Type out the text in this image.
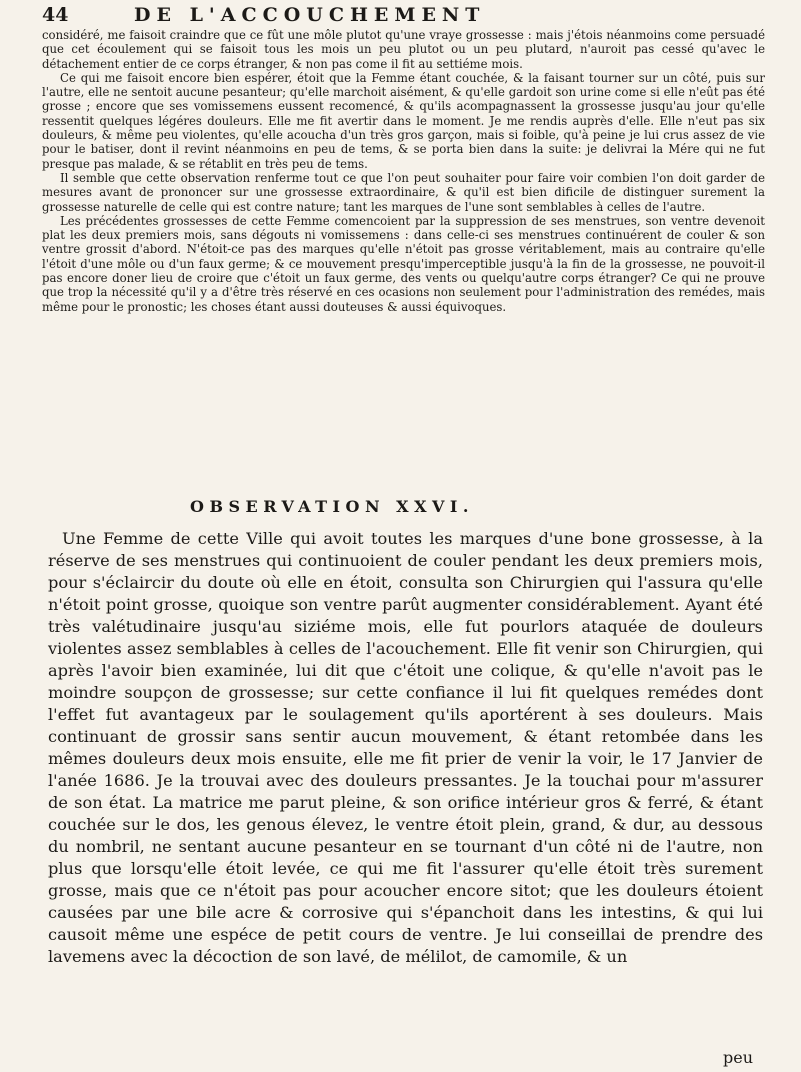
44	DE L'ACCOUCHEMENT

considéré, me faisoit craindre que ce fût une môle plutot qu'une vraye grossesse : mais j'étois néanmoins come persuadé que cet écoulement qui se faisoit tous les mois un peu plutot ou un peu plutard, n'auroit pas cessé qu'avec le détachement entier de ce corps étranger, & non pas come il fit au settiéme mois.

Ce qui me faisoit encore bien espérer, étoit que la Femme étant couchée, & la faisant tourner sur un côté, puis sur l'autre, elle ne sentoit aucune pesanteur; qu'elle marchoit aisément, & qu'elle gardoit son urine come si elle n'eût pas été grosse ; encore que ses vomissemens eussent recomencé, & qu'ils acompagnassent la grossesse jusqu'au jour qu'elle ressentit quelques légéres douleurs. Elle me fit avertir dans le moment. Je me rendis auprès d'elle. Elle n'eut pas six douleurs, & même peu violentes, qu'elle acoucha d'un très gros garçon, mais si foible, qu'à peine je lui crus assez de vie pour le batiser, dont il revint néanmoins en peu de tems, & se porta bien dans la suite: je delivrai la Mére qui ne fut presque pas malade, & se rétablit en très peu de tems.

Il semble que cette observation renferme tout ce que l'on peut souhaiter pour faire voir combien l'on doit garder de mesures avant de prononcer sur une grossesse extraordinaire, & qu'il est bien dificile de distinguer surement la grossesse naturelle de celle qui est contre nature; tant les marques de l'une sont semblables à celles de l'autre.

Les précédentes grossesses de cette Femme comencoient par la suppression de ses menstrues, son ventre devenoit plat les deux premiers mois, sans dégouts ni vomissemens : dans celle-ci ses menstrues continuérent de couler & son ventre grossit d'abord. N'étoit-ce pas des marques qu'elle n'étoit pas grosse véritablement, mais au contraire qu'elle l'étoit d'une môle ou d'un faux germe; & ce mouvement presqu'imperceptible jusqu'à la fin de la grossesse, ne pouvoit-il pas encore doner lieu de croire que c'étoit un faux germe, des vents ou quelqu'autre corps étranger? Ce qui ne prouve que trop la nécessité qu'il y a d'être très réservé en ces ocasions non seulement pour l'administration des remédes, mais même pour le pronostic; les choses étant aussi douteuses & aussi équivoques.

OBSERVATION XXVI.

Une Femme de cette Ville qui avoit toutes les marques d'une bone grossesse, à la réserve de ses menstrues qui continuoient de couler pendant les deux premiers mois, pour s'éclaircir du doute où elle en étoit, consulta son Chirurgien qui l'assura qu'elle n'étoit point grosse, quoique son ventre parût augmenter considérablement. Ayant été très valétudinaire jusqu'au siziéme mois, elle fut pourlors ataquée de douleurs violentes assez semblables à celles de l'acouchement. Elle fit venir son Chirurgien, qui après l'avoir bien examinée, lui dit que c'étoit une colique, & qu'elle n'avoit pas le moindre soupçon de grossesse; sur cette confiance il lui fit quelques remédes dont l'effet fut avantageux par le soulagement qu'ils aportérent à ses douleurs. Mais continuant de grossir sans sentir aucun mouvement, & étant retombée dans les mêmes douleurs deux mois ensuite, elle me fit prier de venir la voir, le 17 Janvier de l'anée 1686. Je la trouvai avec des douleurs pressantes. Je la touchai pour m'assurer de son état. La matrice me parut pleine, & son orifice intérieur gros & ferré, & étant couchée sur le dos, les genous élevez, le ventre étoit plein, grand, & dur, au dessous du nombril, ne sentant aucune pesanteur en se tournant d'un côté ni de l'autre, non plus que lorsqu'elle étoit levée, ce qui me fit l'assurer qu'elle étoit très surement grosse, mais que ce n'étoit pas pour acoucher encore sitot; que les douleurs étoient causées par une bile acre & corrosive qui s'épanchoit dans les intestins, & qui lui causoit même une espéce de petit cours de ventre. Je lui conseillai de prendre des lavemens avec la décoction de son lavé, de mélilot, de camomile, & un

peu
